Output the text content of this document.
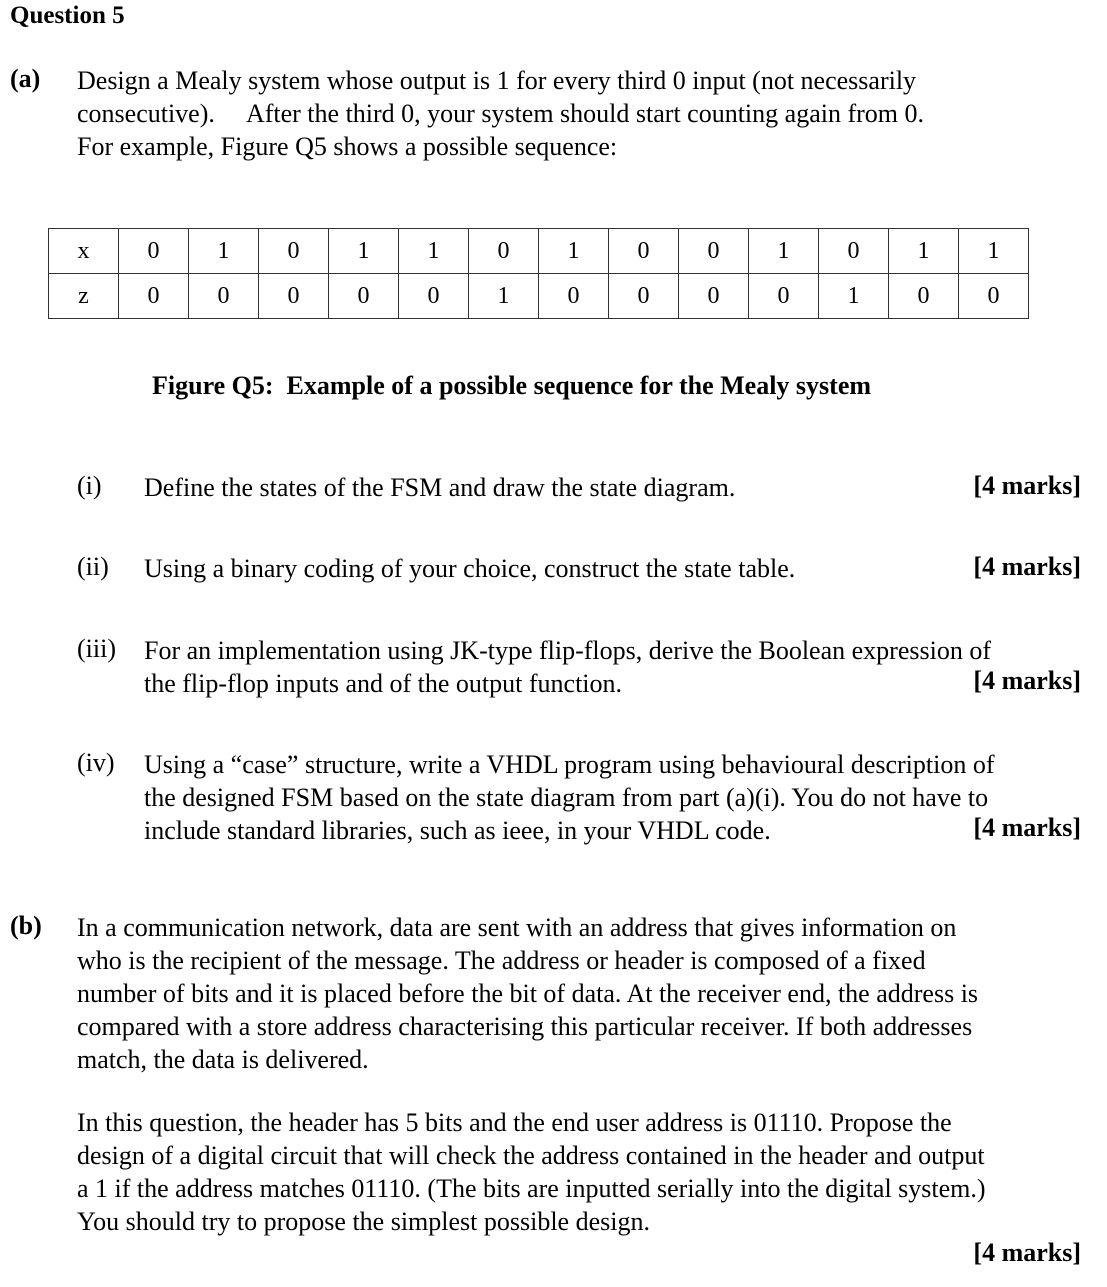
Question 5
(a) Design a Mealy system whose output is 1 for every third 0 input (not necessarily
consecutive).     After the third 0, your system should start counting again from 0.
For example, Figure Q5 shows a possible sequence:
x	0	1	0	1	1	0	1	0	0	1	0	1	1
z	0	0	0	0	0	1	0	0	0	0	1	0	0
Figure Q5:  Example of a possible sequence for the Mealy system
(i) Define the states of the FSM and draw the state diagram.	[4 marks]
(ii) Using a binary coding of your choice, construct the state table.	[4 marks]
(iii) For an implementation using JK-type flip-flops, derive the Boolean expression of
the flip-flop inputs and of the output function.	[4 marks]
(iv) Using a “case” structure, write a VHDL program using behavioural description of
the designed FSM based on the state diagram from part (a)(i). You do not have to
include standard libraries, such as ieee, in your VHDL code.	[4 marks]
(b) In a communication network, data are sent with an address that gives information on
who is the recipient of the message. The address or header is composed of a fixed
number of bits and it is placed before the bit of data. At the receiver end, the address is
compared with a store address characterising this particular receiver. If both addresses
match, the data is delivered.
In this question, the header has 5 bits and the end user address is 01110. Propose the
design of a digital circuit that will check the address contained in the header and output
a 1 if the address matches 01110. (The bits are inputted serially into the digital system.)
You should try to propose the simplest possible design.
[4 marks]
